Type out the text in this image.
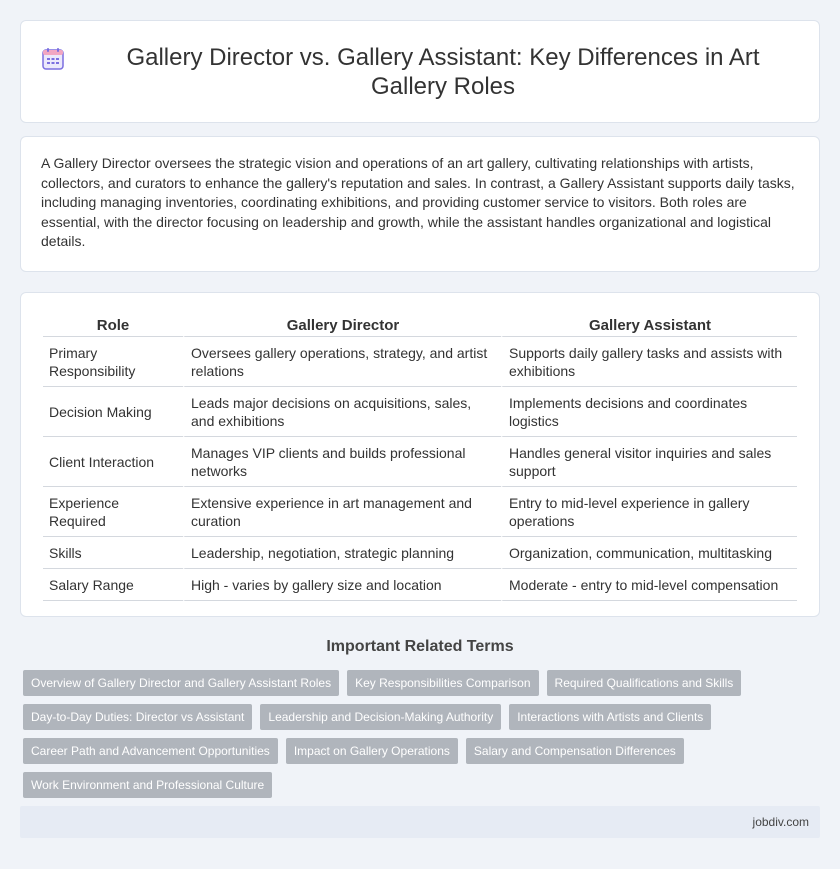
Gallery Director vs. Gallery Assistant: Key Differences in Art Gallery Roles

A Gallery Director oversees the strategic vision and operations of an art gallery, cultivating relationships with artists, collectors, and curators to enhance the gallery's reputation and sales. In contrast, a Gallery Assistant supports daily tasks, including managing inventories, coordinating exhibitions, and providing customer service to visitors. Both roles are essential, with the director focusing on leadership and growth, while the assistant handles organizational and logistical details.

Role	Gallery Director	Gallery Assistant
Primary Responsibility	Oversees gallery operations, strategy, and artist relations	Supports daily gallery tasks and assists with exhibitions
Decision Making	Leads major decisions on acquisitions, sales, and exhibitions	Implements decisions and coordinates logistics
Client Interaction	Manages VIP clients and builds professional networks	Handles general visitor inquiries and sales support
Experience Required	Extensive experience in art management and curation	Entry to mid-level experience in gallery operations
Skills	Leadership, negotiation, strategic planning	Organization, communication, multitasking
Salary Range	High - varies by gallery size and location	Moderate - entry to mid-level compensation
Important Related Terms
Overview of Gallery Director and Gallery Assistant Roles	Key Responsibilities Comparison	Required Qualifications and Skills
Day-to-Day Duties: Director vs Assistant	Leadership and Decision-Making Authority	Interactions with Artists and Clients
Career Path and Advancement Opportunities	Impact on Gallery Operations	Salary and Compensation Differences
Work Environment and Professional Culture
jobdiv.com
